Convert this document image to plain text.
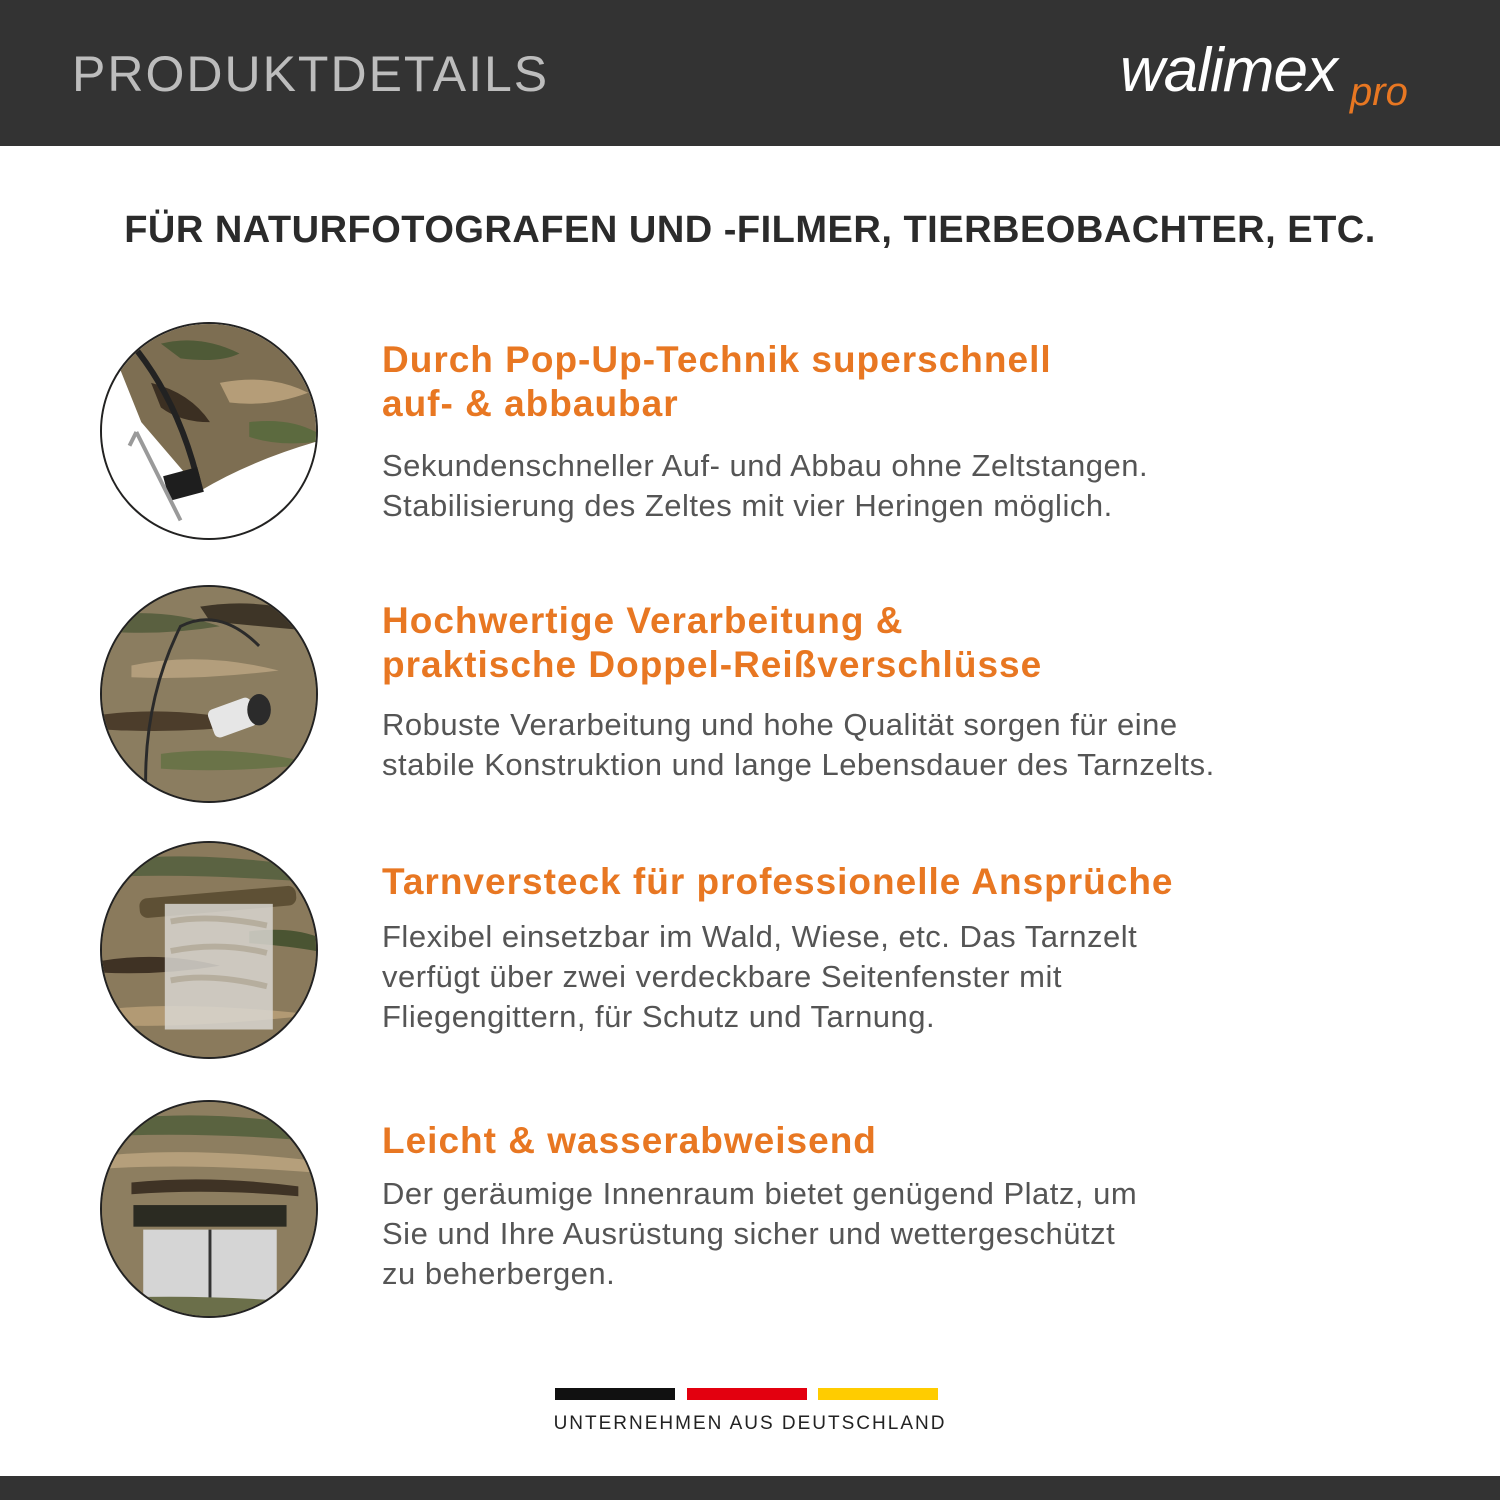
PRODUKTDETAILS	walimex pro
FÜR NATURFOTOGRAFEN UND -FILMER, TIERBEOBACHTER, ETC.
Durch Pop-Up-Technik superschnell
auf- & abbaubar
Sekundenschneller Auf- und Abbau ohne Zeltstangen.
Stabilisierung des Zeltes mit vier Heringen möglich.
Hochwertige Verarbeitung &
praktische Doppel-Reißverschlüsse
Robuste Verarbeitung und hohe Qualität sorgen für eine
stabile Konstruktion und lange Lebensdauer des Tarnzelts.
Tarnversteck für professionelle Ansprüche
Flexibel einsetzbar im Wald, Wiese, etc. Das Tarnzelt
verfügt über zwei verdeckbare Seitenfenster mit
Fliegengittern, für Schutz und Tarnung.
Leicht & wasserabweisend
Der geräumige Innenraum bietet genügend Platz, um
Sie und Ihre Ausrüstung sicher und wettergeschützt
zu beherbergen.
UNTERNEHMEN AUS DEUTSCHLAND
